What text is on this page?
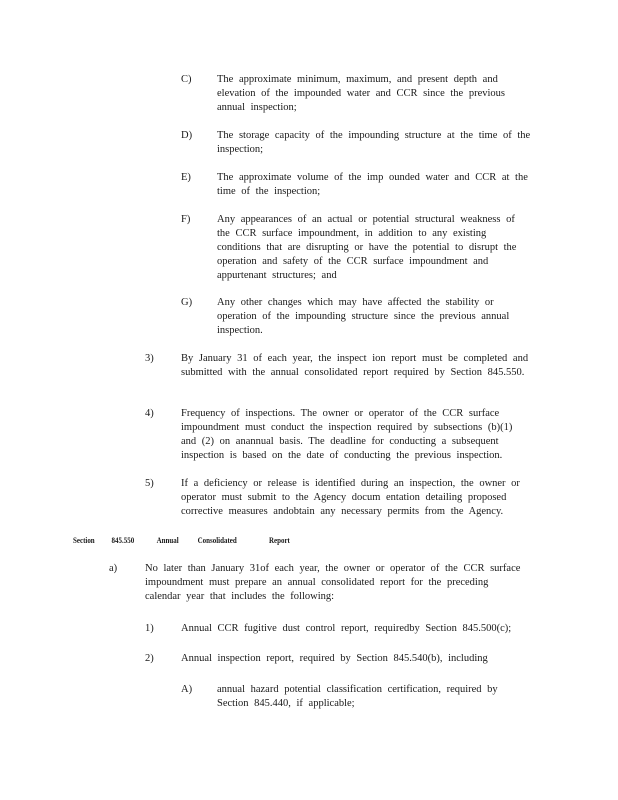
C) The approximate minimum, maximum, and present depth and elevation of the impounded water and CCR since the previous annual inspection;
D) The storage capacity of the impounding structure at the time of the inspection;
E) The approximate volume of the imp ounded water and CCR at the time of the inspection;
F)	Any appearances of an actual or potential structural weakness of the CCR surface impoundment, in addition to any existing conditions that are disrupting or have the potential to disrupt the operation and safety of the CCR surface impoundment and appurtenant structures; and
G) Any other changes which may have affected the stability or operation of the impounding structure since the previous annual inspection.
3)	By January 31 of each year, the inspect ion report must be completed and submitted with the annual consolidated report required by Section 845.550.
4)	Frequency of inspections. The owner or operator of the CCR surface impoundment must conduct the inspection required by subsections (b)(1) and (2) on anannual basis. The deadline for conducting a subsequent inspection is based on the date of conducting the previous inspection.
5)	If a deficiency or release is identified during an inspection, the owner or operator must submit to the Agency docum entation detailing proposed corrective measures andobtain any necessary permits from the Agency.
Section 845.550	Annual Consolidated	Report
a)	No later than January 31of each year, the owner or operator of the CCR surface impoundment must prepare an annual consolidated report for the preceding calendar year that includes the following:
1)	Annual CCR fugitive dust control report, requiredby Section 845.500(c);
2)	Annual inspection report, required by Section 845.540(b), including
A) annual hazard potential classification certification, required by Section 845.440, if applicable;
